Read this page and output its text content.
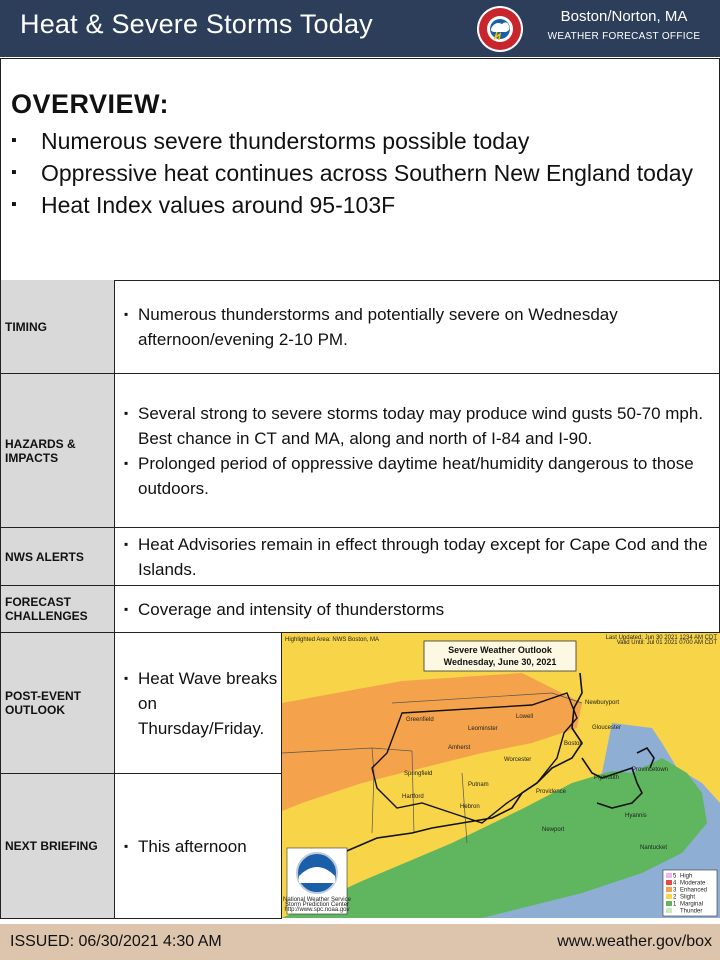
Heat & Severe Storms Today	Boston/Norton, MA
WEATHER FORECAST OFFICE
OVERVIEW:
▪ Numerous severe thunderstorms possible today
▪ Oppressive heat continues across Southern New England today
▪ Heat Index values around 95-103F
TIMING
▪ Numerous thunderstorms and potentially severe on Wednesday afternoon/evening 2-10 PM.
HAZARDS & IMPACTS
▪ Several strong to severe storms today may produce wind gusts 50-70 mph. Best chance in CT and MA, along and north of I-84 and I-90.
▪ Prolonged period of oppressive daytime heat/humidity dangerous to those outdoors.
NWS ALERTS
▪ Heat Advisories remain in effect through today except for Cape Cod and the Islands.
FORECAST CHALLENGES	▪ Coverage and intensity of thunderstorms
POST-EVENT OUTLOOK
▪ Heat Wave breaks on Thursday/Friday.
NEXT BRIEFING	▪ This afternoon
Severe Weather Outlook
Wednesday, June 30, 2021
Highlighted Area: NWS Boston, MA	Last Updated: Jun 30 2021 1234 AM CDT
Valid Until: Jul 01 2021 0700 AM CDT
Newburyport
Greenfield	Lowell
Leominster	Gloucester
Amherst
Boston
Worcester
Springfield
Putnam
Plymouth
Provincetown
Hartford
Providence
Hebron
Hyannis
Newport
Nantucket
National Weather Service
Storm Prediction Center
http://www.spc.noaa.gov
5 High
4 Moderate
3 Enhanced
2 Slight
1 Marginal
Thunder
ISSUED: 06/30/2021 4:30 AM	www.weather.gov/box
